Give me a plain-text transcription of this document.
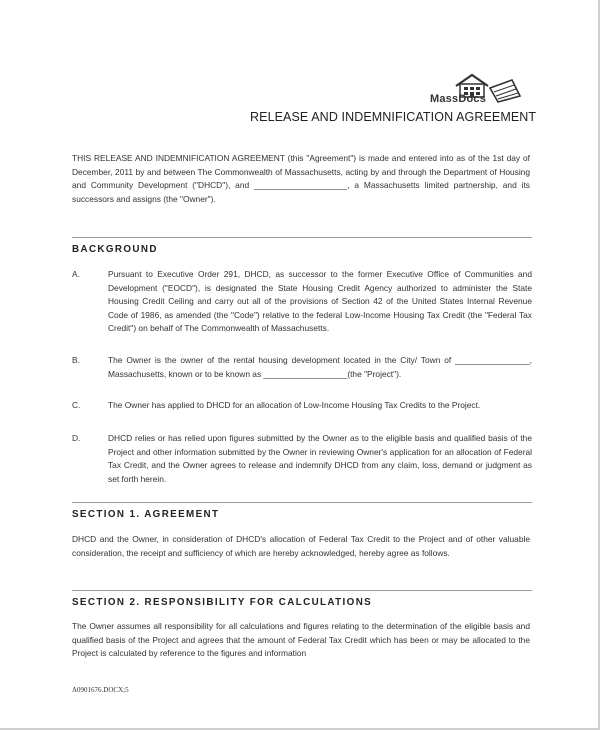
MassDocs
RELEASE AND INDEMNIFICATION AGREEMENT
THIS RELEASE AND INDEMNIFICATION AGREEMENT (this "Agreement") is made and entered into as of the 1st day of December, 2011 by and between The Commonwealth of Massachusetts, acting by and through the Department of Housing and Community Development ("DHCD"), and ____________________, a Massachusetts limited partnership, and its successors and assigns (the "Owner").
BACKGROUND
A.	Pursuant to Executive Order 291, DHCD, as successor to the former Executive Office of Communities and Development ("EOCD"), is designated the State Housing Credit Agency authorized to administer the State Housing Credit Ceiling and carry out all of the provisions of Section 42 of the United States Internal Revenue Code of 1986, as amended (the "Code") relative to the federal Low-Income Housing Tax Credit (the "Federal Tax Credit") on behalf of The Commonwealth of Massachusetts.
B.	The Owner is the owner of the rental housing development located in the City/ Town of ________________, Massachusetts, known or to be known as __________________(the "Project").
C.	The Owner has applied to DHCD for an allocation of Low-Income Housing Tax Credits to the Project.
D.	DHCD relies or has relied upon figures submitted by the Owner as to the eligible basis and qualified basis of the Project and other information submitted by the Owner in reviewing Owner's application for an allocation of Federal Tax Credit, and the Owner agrees to release and indemnify DHCD from any claim, loss, demand or judgment as set forth herein.
SECTION 1. AGREEMENT
DHCD and the Owner, in consideration of DHCD's allocation of Federal Tax Credit to the Project and of other valuable consideration, the receipt and sufficiency of which are hereby acknowledged, hereby agree as follows.
SECTION 2. RESPONSIBILITY FOR CALCULATIONS
The Owner assumes all responsibility for all calculations and figures relating to the determination of the eligible basis and qualified basis of the Project and agrees that the amount of Federal Tax Credit which has been or may be allocated to the Project is calculated by reference to the figures and information
A0901676.DOCX;5
